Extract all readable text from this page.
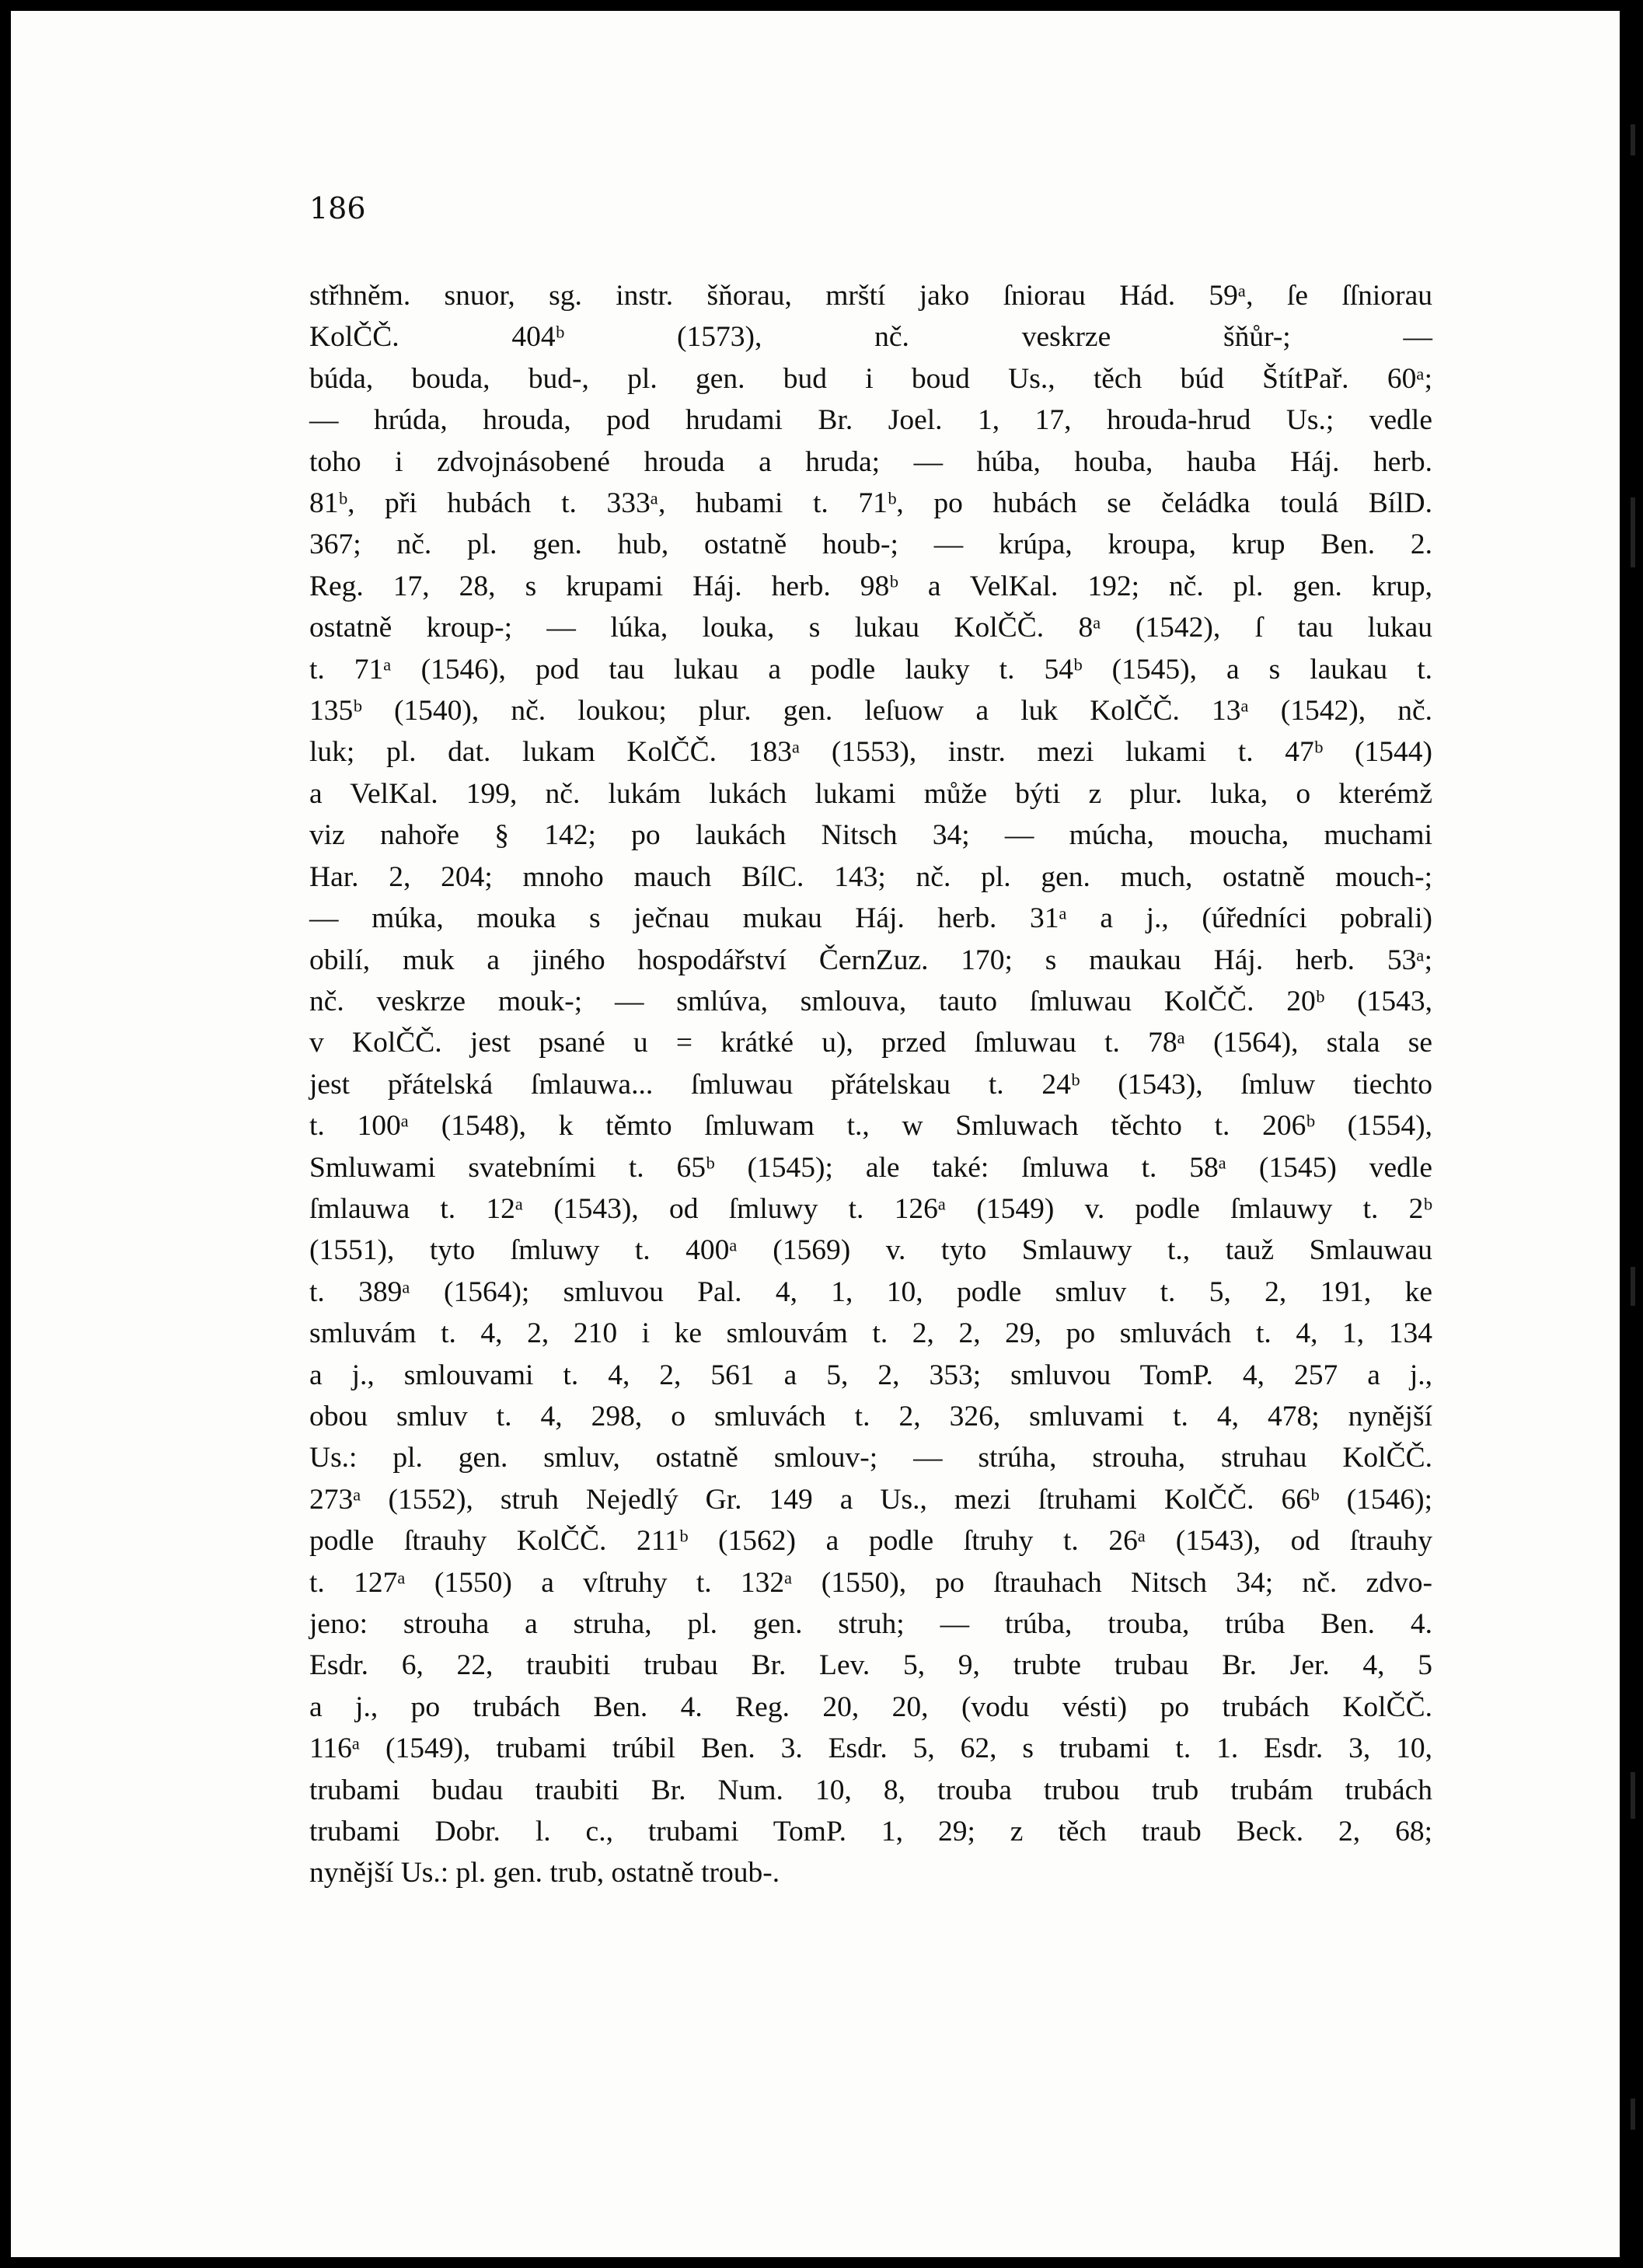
186
střhněm. snuor, sg. instr. šňorau, mrští jako ſniorau Hád. 59ᵃ, ſe ſſniorau
KolČČ. 404ᵇ (1573), nč. veskrze šňůr-; —
búda, bouda, bud-, pl. gen. bud i boud Us., těch búd ŠtítPař. 60ᵃ;
— hrúda, hrouda, pod hrudami Br. Joel. 1, 17, hrouda-hrud Us.; vedle
toho i zdvojnásobené hrouda a hruda; — húba, houba, hauba Háj. herb.
81ᵇ, při hubách t. 333ᵃ, hubami t. 71ᵇ, po hubách se čeládka toulá BílD.
367; nč. pl. gen. hub, ostatně houb-; — krúpa, kroupa, krup Ben. 2.
Reg. 17, 28, s krupami Háj. herb. 98ᵇ a VelKal. 192; nč. pl. gen. krup,
ostatně kroup-; — lúka, louka, s lukau KolČČ. 8ᵃ (1542), ſ tau lukau
t. 71ᵃ (1546), pod tau lukau a podle lauky t. 54ᵇ (1545), a s laukau t.
135ᵇ (1540), nč. loukou; plur. gen. leſuow a luk KolČČ. 13ᵃ (1542), nč.
luk; pl. dat. lukam KolČČ. 183ᵃ (1553), instr. mezi lukami t. 47ᵇ (1544)
a VelKal. 199, nč. lukám lukách lukami může býti z plur. luka, o kterémž
viz nahoře § 142; po laukách Nitsch 34; — múcha, moucha, muchami
Har. 2, 204; mnoho mauch BílC. 143; nč. pl. gen. much, ostatně mouch-;
— múka, mouka s ječnau mukau Háj. herb. 31ᵃ a j., (úředníci pobrali)
obilí, muk a jiného hospodářství ČernZuz. 170; s maukau Háj. herb. 53ᵃ;
nč. veskrze mouk-; — smlúva, smlouva, tauto ſmluwau KolČČ. 20ᵇ (1543,
v KolČČ. jest psané u = krátké u), przed ſmluwau t. 78ᵃ (1564), stala se
jest přátelská ſmlauwa... ſmluwau přátelskau t. 24ᵇ (1543), ſmluw tiechto
t. 100ᵃ (1548), k těmto ſmluwam t., w Smluwach těchto t. 206ᵇ (1554),
Smluwami svatebními t. 65ᵇ (1545); ale také: ſmluwa t. 58ᵃ (1545) vedle
ſmlauwa t. 12ᵃ (1543), od ſmluwy t. 126ᵃ (1549) v. podle ſmlauwy t. 2ᵇ
(1551), tyto ſmluwy t. 400ᵃ (1569) v. tyto Smlauwy t., tauž Smlauwau
t. 389ᵃ (1564); smluvou Pal. 4, 1, 10, podle smluv t. 5, 2, 191, ke
smluvám t. 4, 2, 210 i ke smlouvám t. 2, 2, 29, po smluvách t. 4, 1, 134
a j., smlouvami t. 4, 2, 561 a 5, 2, 353; smluvou TomP. 4, 257 a j.,
obou smluv t. 4, 298, o smluvách t. 2, 326, smluvami t. 4, 478; nynější
Us.: pl. gen. smluv, ostatně smlouv-; — strúha, strouha, struhau KolČČ.
273ᵃ (1552), struh Nejedlý Gr. 149 a Us., mezi ſtruhami KolČČ. 66ᵇ (1546);
podle ſtrauhy KolČČ. 211ᵇ (1562) a podle ſtruhy t. 26ᵃ (1543), od ſtrauhy
t. 127ᵃ (1550) a vſtruhy t. 132ᵃ (1550), po ſtrauhach Nitsch 34; nč. zdvo-
jeno: strouha a struha, pl. gen. struh; — trúba, trouba, trúba Ben. 4.
Esdr. 6, 22, traubiti trubau Br. Lev. 5, 9, trubte trubau Br. Jer. 4, 5
a j., po trubách Ben. 4. Reg. 20, 20, (vodu vésti) po trubách KolČČ.
116ᵃ (1549), trubami trúbil Ben. 3. Esdr. 5, 62, s trubami t. 1. Esdr. 3, 10,
trubami budau traubiti Br. Num. 10, 8, trouba trubou trub trubám trubách
trubami Dobr. l. c., trubami TomP. 1, 29; z těch traub Beck. 2, 68;
nynější Us.: pl. gen. trub, ostatně troub-.
